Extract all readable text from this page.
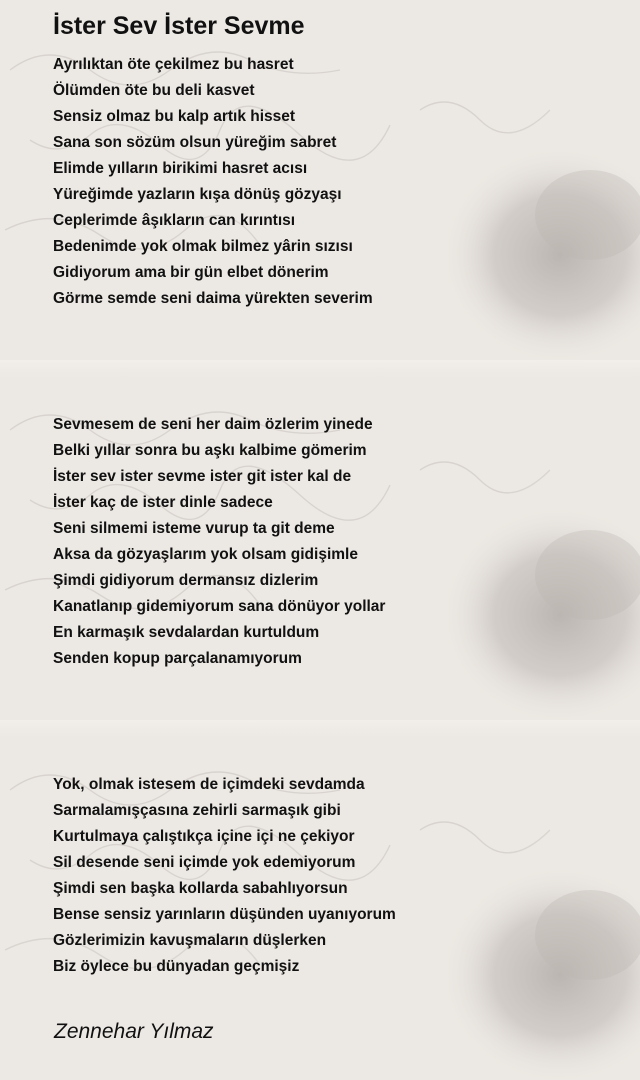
İster Sev İster Sevme
Ayrılıktan öte çekilmez bu hasret
Ölümden öte bu deli kasvet
Sensiz olmaz bu kalp artık hisset
Sana son sözüm olsun yüreğim sabret
Elimde yılların birikimi hasret acısı
Yüreğimde yazların kışa dönüş gözyaşı
Ceplerimde âşıkların can kırıntısı
Bedenimde yok olmak bilmez yârin sızısı
Gidiyorum ama bir gün elbet dönerim
Görme semde seni daima yürekten severim
Sevmesem de seni her daim özlerim yinede
Belki yıllar sonra bu aşkı kalbime gömerim
İster sev ister sevme ister git ister kal de
İster kaç de ister dinle sadece
Seni silmemi isteme vurup ta git deme
Aksa da gözyaşlarım yok olsam gidişimle
Şimdi gidiyorum dermansız dizlerim
Kanatlanıp gidemiyorum sana dönüyor yollar
En karmaşık sevdalardan kurtuldum
Senden kopup parçalanamıyorum
Yok, olmak istesem de içimdeki sevdamda
Sarmalamışçasına zehirli sarmaşık gibi
Kurtulmaya çalıştıkça içine içi ne çekiyor
Sil desende seni içimde yok edemiyorum
Şimdi sen başka kollarda sabahlıyorsun
Bense sensiz yarınların düşünden uyanıyorum
Gözlerimizin kavuşmaların düşlerken
Biz öylece bu dünyadan geçmişiz

Zennehar Yılmaz
